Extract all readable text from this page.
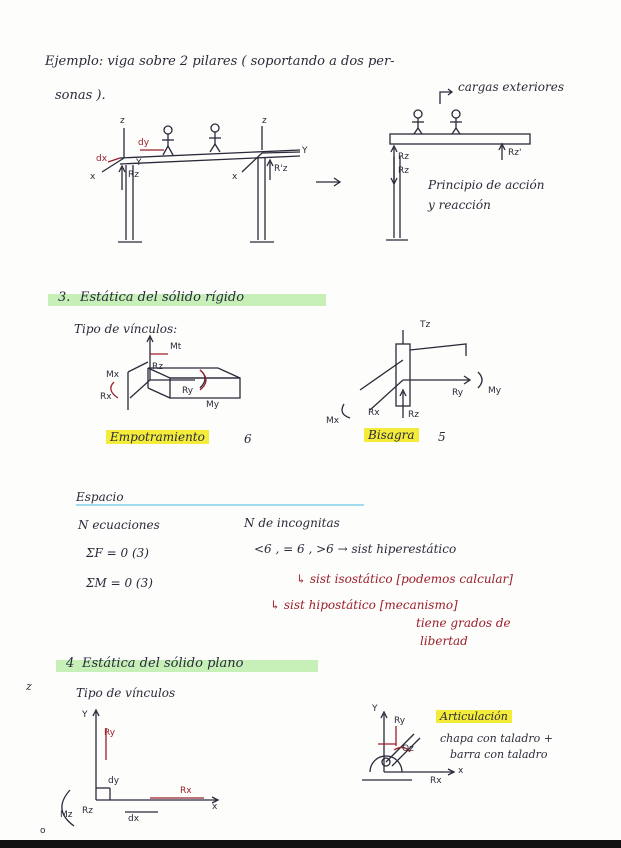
Ejemplo: viga sobre 2 pilares ( soportando a dos per-
sonas ).
cargas exteriores
Principio de acción
y reacción
z	z
Y
x	x
dy
dx	Y
Rz
R'z
Rz
Rz
Rz'
3. Estática del sólido rígido
Tipo de vínculos:
Mt
Mx
Rz
Ry
Rx
My
Empotramiento	6
Tz
Mx
Rx	Rz
Ry	My
Bisagra	5
Espacio
N ecuaciones	N de incognitas
ΣF = 0 (3)
ΣM = 0 (3)
<6 , = 6 , >6 → sist hiperestático
↳ sist isostático [podemos calcular]
↳ sist hipostático [mecanismo]
tiene grados de
libertad
4 Estática del sólido plano
z	Tipo de vínculos
Y
Ry
dy
Rx
x
Mz Rz
dx
o
Articulación
chapa con taladro +
barra con taladro
Y
Ry
Oz
Rx
x
